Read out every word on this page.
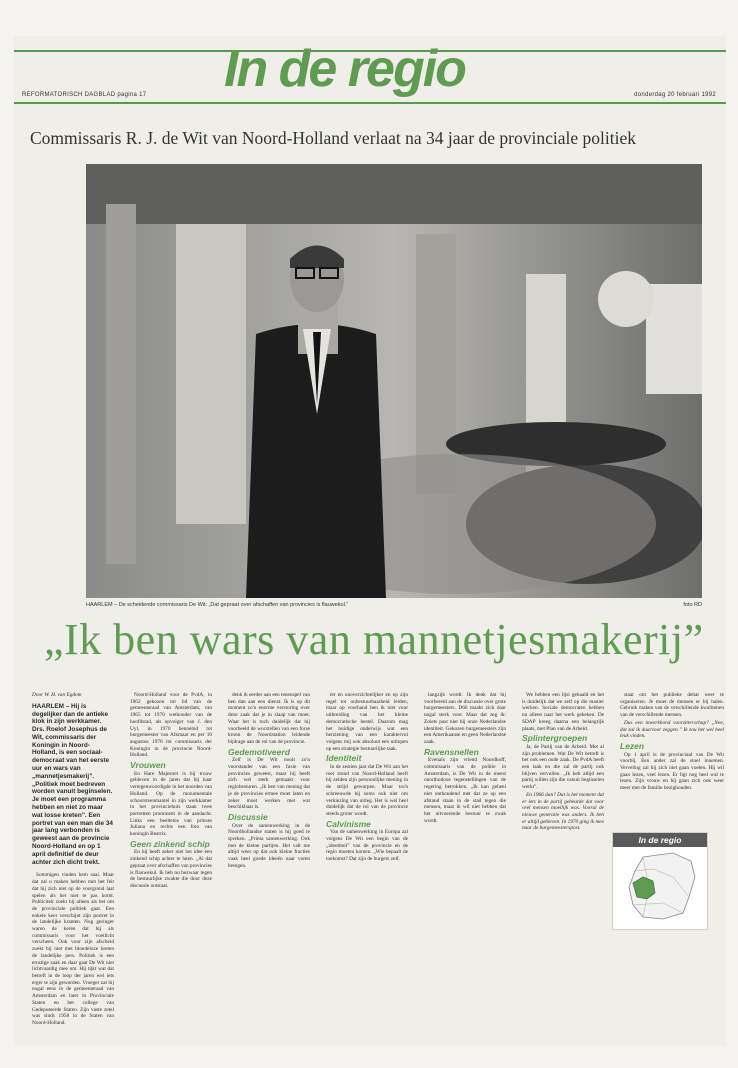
In de regio
REFORMATORISCH DAGBLAD pagina 17	donderdag 20 februari 1992
Commissaris R. J. de Wit van Noord-Holland verlaat na 34 jaar de provinciale politiek
HAARLEM – De scheidende commissaris De Wit: „Dat gepraat over afschaffen van provincies is flauwekul.”	foto RD
„Ik ben wars van mannetjesmakerij”
Door W. H. van Egdom
HAARLEM – Hij is degelijker dan de antieke klok in zijn werkkamer. Drs. Roelof Josephus de Wit, commissaris der Koningin in Noord-Holland, is een sociaal-democraat van het eerste uur en wars van „mannetjesmakerij”. „Politiek moet bedreven worden vanuit beginselen. Je moet een programma hebben en niet zo maar wat losse kreten”. Een portret van een man die 34 jaar lang verbonden is geweest aan de provincie Noord-Holland en op 1 april definitief de deur achter zich dicht trekt.

Sommigen vinden hem saai. Maar dat zal u maken hebben met het feit dat hij zich niet op de voorgrond laat spelen als het niet te pas komt. Publiciteit zoekt hij alleen als het om de provinciale politiek gaat. Een enkele keer verschijnt zijn portret in de landelijke kranten. Nog geringer waren de keren dat hij als commissaris voor het voetlicht verscheen. Ook voor zijn afscheid zoekt hij niet met bloedeloze kreten de landelijke pers. Politiek is een ernstige zaak en daar gaat De Wit niet lichtvaardig mee om. Hij tijkt wat dat betreft in de loop der jaren wel iets erger te zijn geworden. Vroeger zat hij nogal eens in de gemeenteraad van Amsterdam en later in Provinciale Staten en het college van Gedeputeerde Staten. Zijn vaste zetel was sinds 1958 in de Staten van Noord-Holland.

Noord-Holland voor de PvdA, in 1962 gekozen tot lid van de gemeenteraad van Amsterdam, van 1965 tot 1970 wethouder van de hoofdstad, als opvolger van J. den Uyl, in 1970 benoemd tot burgemeester van Alkmaar en per 16 augustus 1976 tot commissaris der Koningin in de provincie Noord-Holland.

Vrouwen

En Hare Majesteit is hij trouw gebleven in de jaren dat hij haar vertegenwoordigde in het noorden van Holland. Op de monumentale schoorsteenmantel in zijn werkkamer in het provinciehuis staan twee portretten prominent in de aandacht. Links een beeltenis van prinses Juliana en rechts een foto van koningin Beatrix.

Geen zinkend schip

En hij heeft zeker niet het idee een zinkend schip achter te laten. „Al dat gepraat over afschaffen van provincies is flauwekul. Ik heb nu bezwaar tegen de bestuurlijke zwakte die door deze discussie ontstaat.

denk ik eerder aan een tenenspel van hen dan aan een dienst. Ik is op dit moment zo'n enorme verstoring over deze zaak dat je in slaap van moet. Waar het is toch duidelijk dat hij voorbeeld de wocstellen van een forse kroon de Noordstation leidende bijdrage aan de rol van de provincie.

Gedemotiveerd

Zelf is De Wit nooit zo'n voorstander van een fusie van provincies geweest, maar hij heeft zich wel sterk gemaakt voor regiobesturen. „Ik ben van mening dat je de provincies ermee moet laten en zeker moet werken met wat beschikbaar is.

Discussie

Over de samenwerking in de Noordhollandse staten is hij goed te spreken. „Prima samenwerking. Ook met de kleine partijen. Het valt me altijd weer op dat ook kleine fracties vaak heel goede ideeën naar voren brengen.

ter en onoverzichtelijker en op zijn regel tot onbestuurbaarheid leiden, maar op voorhand ben ik niet voor uitbreiding van het kleine democratische bestel. Daarom mag het huidige onderwijs wat een herziening van een karaktervol volgens mij ook absoluut een uitlopen op een strategie bestuurlijke taak.

Identiteit

In de zestien jaar dat De Wit aan het roer stond van Noord-Holland heeft hij zelden zijn persoonlijke mening in de strijd geworpen. Maar toch schreeuwde hij soms ook niet om verkiezing van uitleg. Het is wel heel duidelijk dat de rol van de provincie steeds groter wordt.

Calvinisme

Van de samenwerking in Europa zal volgens De Wit een begin van de „identiteit” van de provincie en de regio moeten komen. „Wie bepaalt de toekomst? Dat zijn de burgers zelf.

langzijk wordt. Ik denk dat hij voorbereid aan de discussie over grote burgemeesters. D66 maakt zich daar nogal sterk voor. Maar dat zeg ik: Zoiets past niet bij onze Nederlandse identiteit. Gekozen burgemeesters zijn een Amerikaanse en geen Nederlandse zaak.

Ravensnellen

Evenals zijn vriend Noordhoff, commissaris van de politie in Amsterdam, is De Wit in de meest onorthodoxe tegenstellingen van de regering betrokken. „Ik kan geheel niet onthoudend met dat ze op een afstand staan in de stad tegen die mensen, maar ik wil niet hebben dat het uitvoerende bestuur te zwak wordt.

We hebben een lijst gehaald en het is duidelijk dat we zelf op die manier werken. Sociale democraten hebben nu alleen naar het werk gekeken. De SDAP kreeg daarna een belangrijk plaats, met Plan van de Arbeid.

Splintergroepen

Ja, de Partij van de Arbeid. Met al zijn problemen. Wat De Wit betreft is het ook een oude zaak. De PvdA heeft een taak en die zal de partij ook blijven vervullen. „Ik heb altijd een partij willen zijn die vanuit beginselen werkt”.

En 1966 dan? Dat is het moment dat er iets in de partij gebeurde dat voor veel mensen moeilijk was. Vooral de nieuwe generatie was anders. Ik ben er altijd gebleven. In 1970 ging ik mee naar de burgemeesterspost.

staat om het publieke debat weer te organiseren. Je moet de mensen er bij halen. Gebruik maken van de verschillende kwaliteiten van de verschillende mensen.

Dus een inwerkbond voorzitterschap? „Nee, dat zal ik daarvoor zeggen.” Ik zou het wel heel leuk vinden.

Lezen

Op 1 april is de provinciaal van De Wit voorbij. Een ander zal de stoel innemen. Verveling zal hij zich niet gaan voelen. Hij wil gaan lezen, veel lezen. Er ligt nog heel wat te lezen. Zijn vrouw en hij gaan zich ook weer meer met de familie bezighouden.

In de regio
